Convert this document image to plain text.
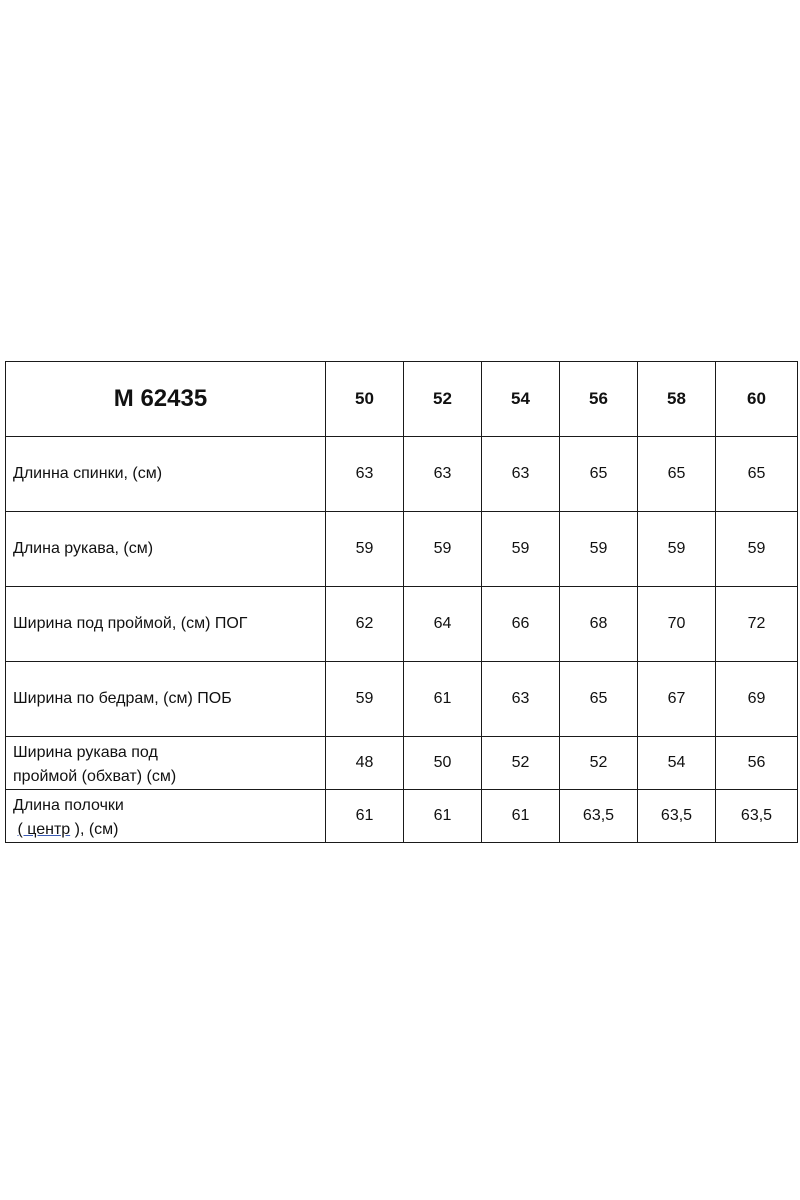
М 62435	50	52	54	56	58	60

Длинна спинки, (см)	63	63	63	65	65	65

Длина рукава, (см)	59	59	59	59	59	59

Ширина под проймой, (см) ПОГ	62	64	66	68	70	72

Ширина по бедрам, (см) ПОБ	59	61	63	65	67	69

Ширина рукава под
проймой (обхват) (см)	48	50	52	52	54	56

Длина полочки
( центр ), (см)	61	61	61	63,5	63,5	63,5
